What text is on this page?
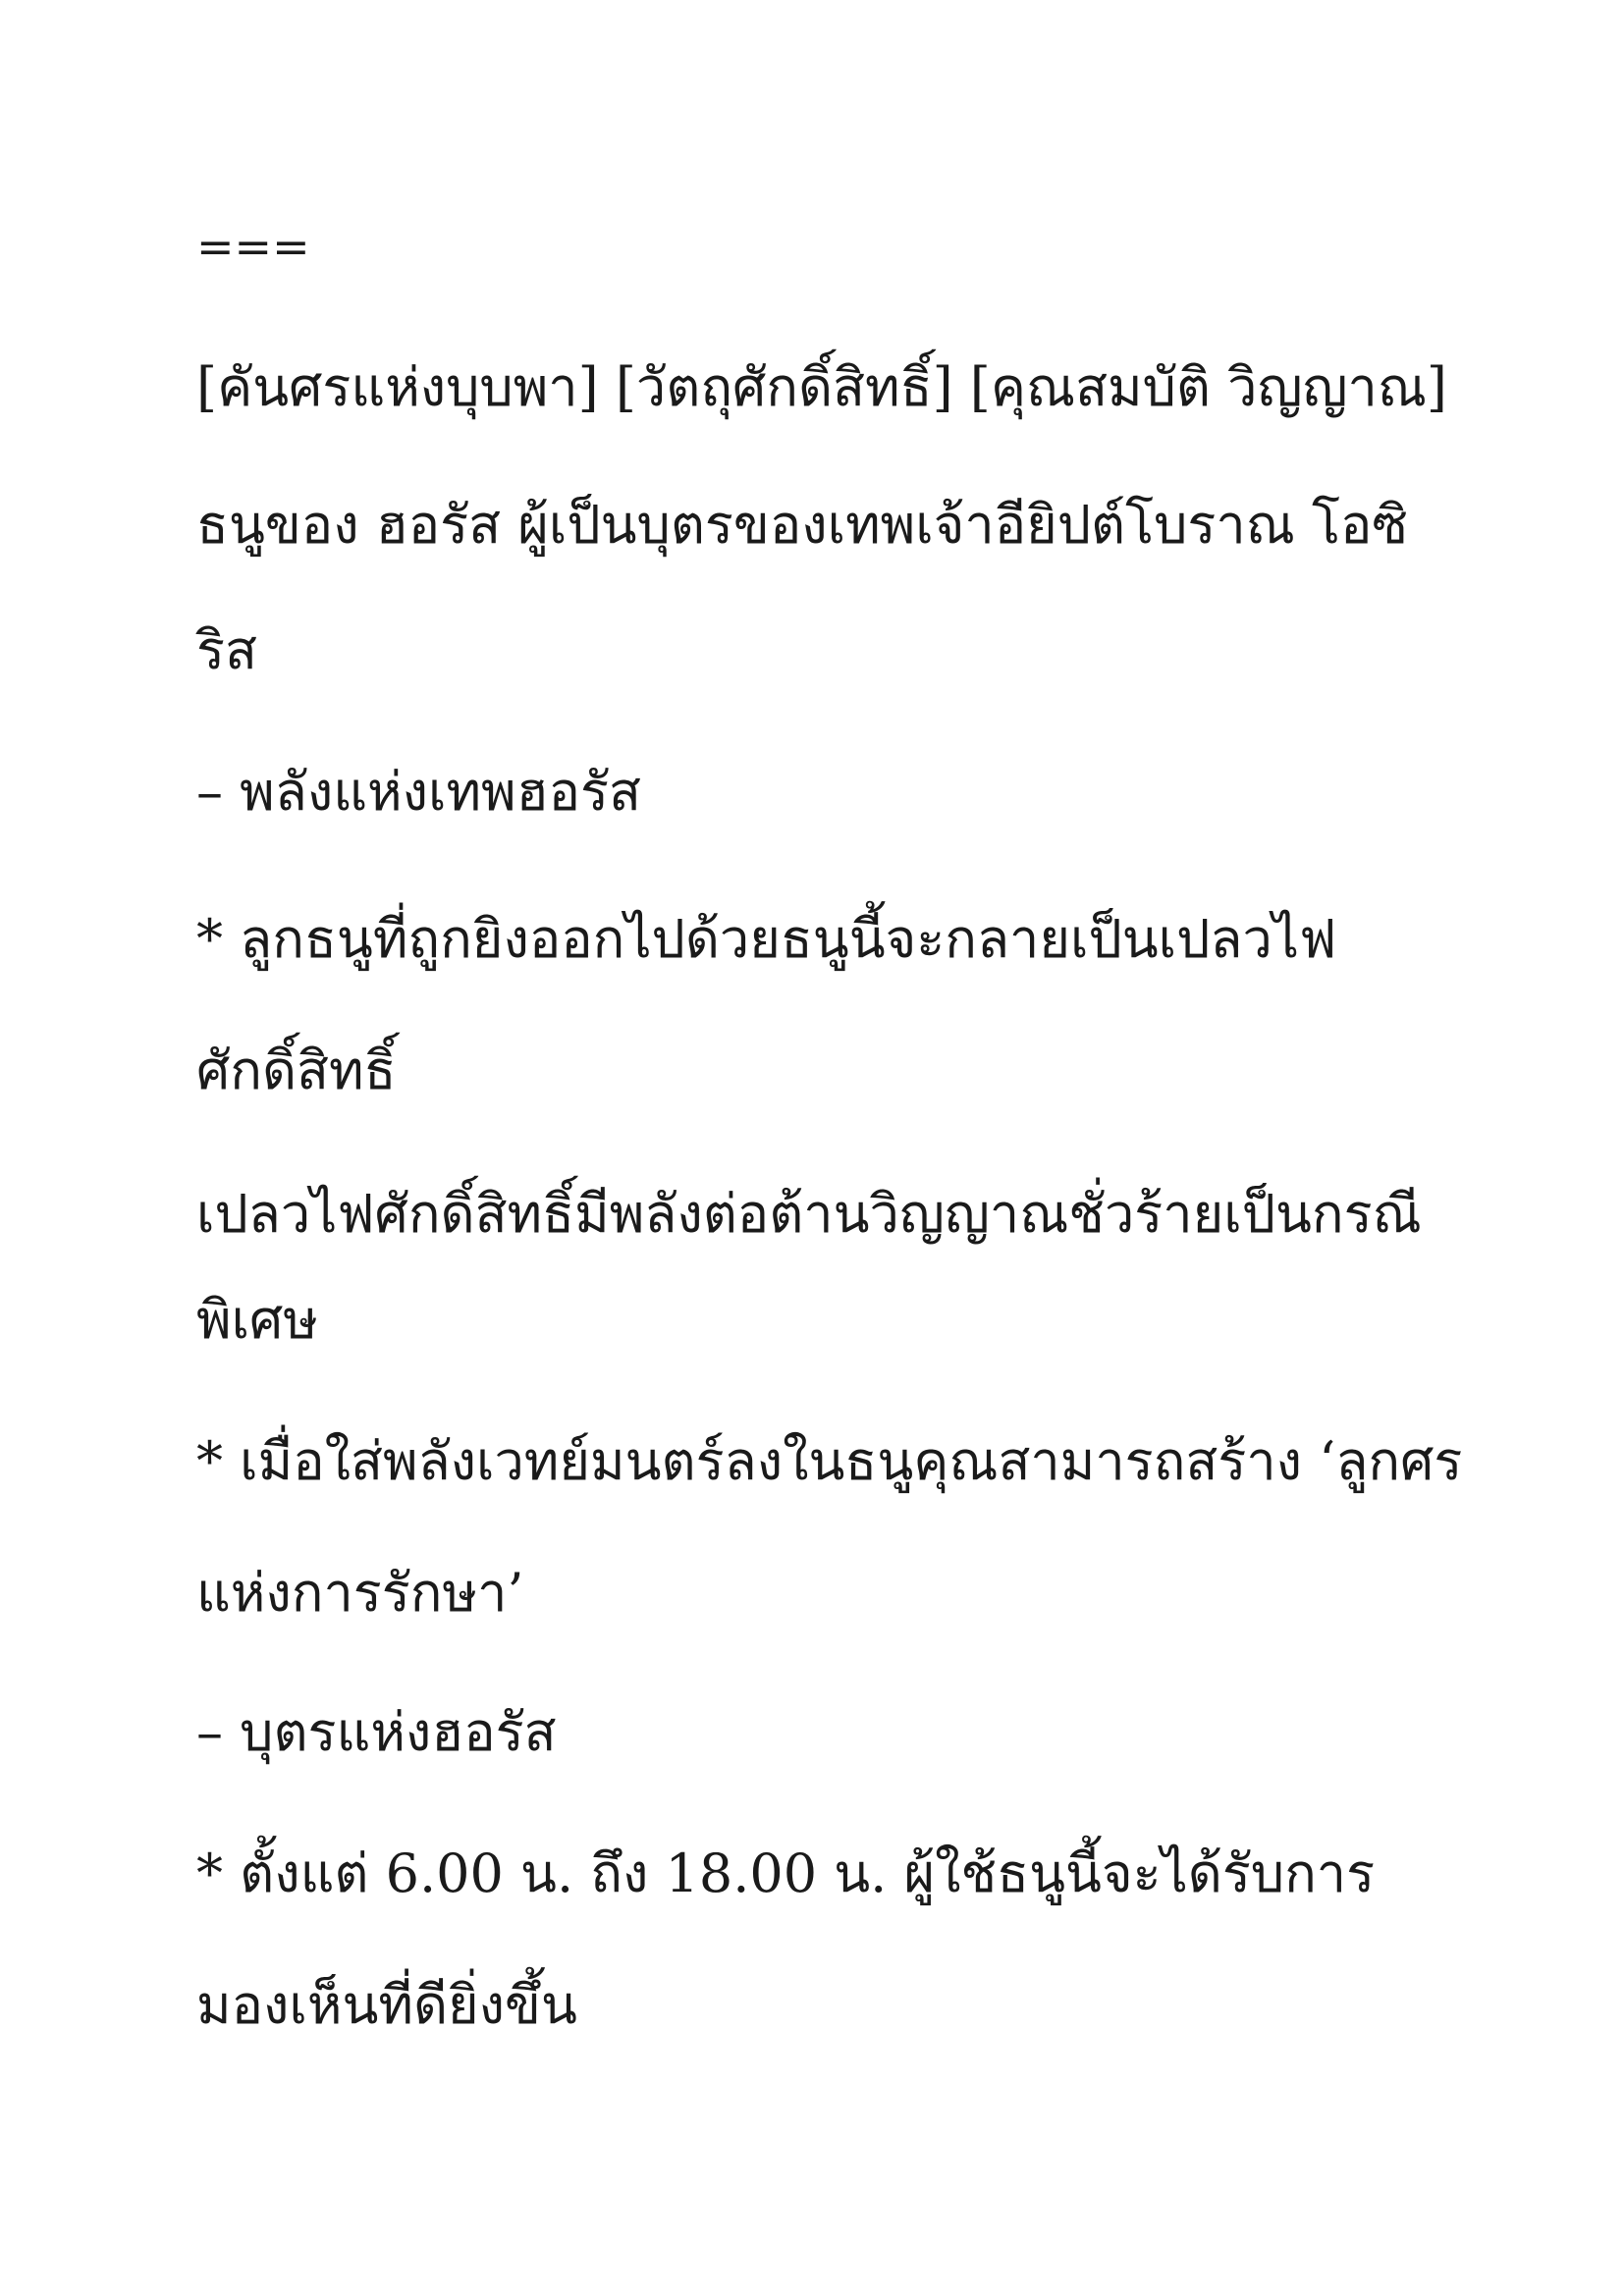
===

[คันศรแห่งบุบพา] [วัตถุศักดิ์สิทธิ์] [คุณสมบัติ วิญญาณ]

ธนูของ ฮอรัส ผู้เป็นบุตรของเทพเจ้าอียิปต์โบราณ โอซิ

ริส

– พลังแห่งเทพฮอรัส

* ลูกธนูที่ถูกยิงออกไปด้วยธนูนี้จะกลายเป็นเปลวไฟ

ศักดิ์สิทธิ์

เปลวไฟศักดิ์สิทธิ์มีพลังต่อต้านวิญญาณชั่วร้ายเป็นกรณี

พิเศษ

* เมื่อใส่พลังเวทย์มนตร์ลงในธนูคุณสามารถสร้าง ‘ลูกศร

แห่งการรักษา’

– บุตรแห่งฮอรัส

* ตั้งแต่ 6.00 น. ถึง 18.00 น. ผู้ใช้ธนูนี้จะได้รับการ

มองเห็นที่ดียิ่งขึ้น
